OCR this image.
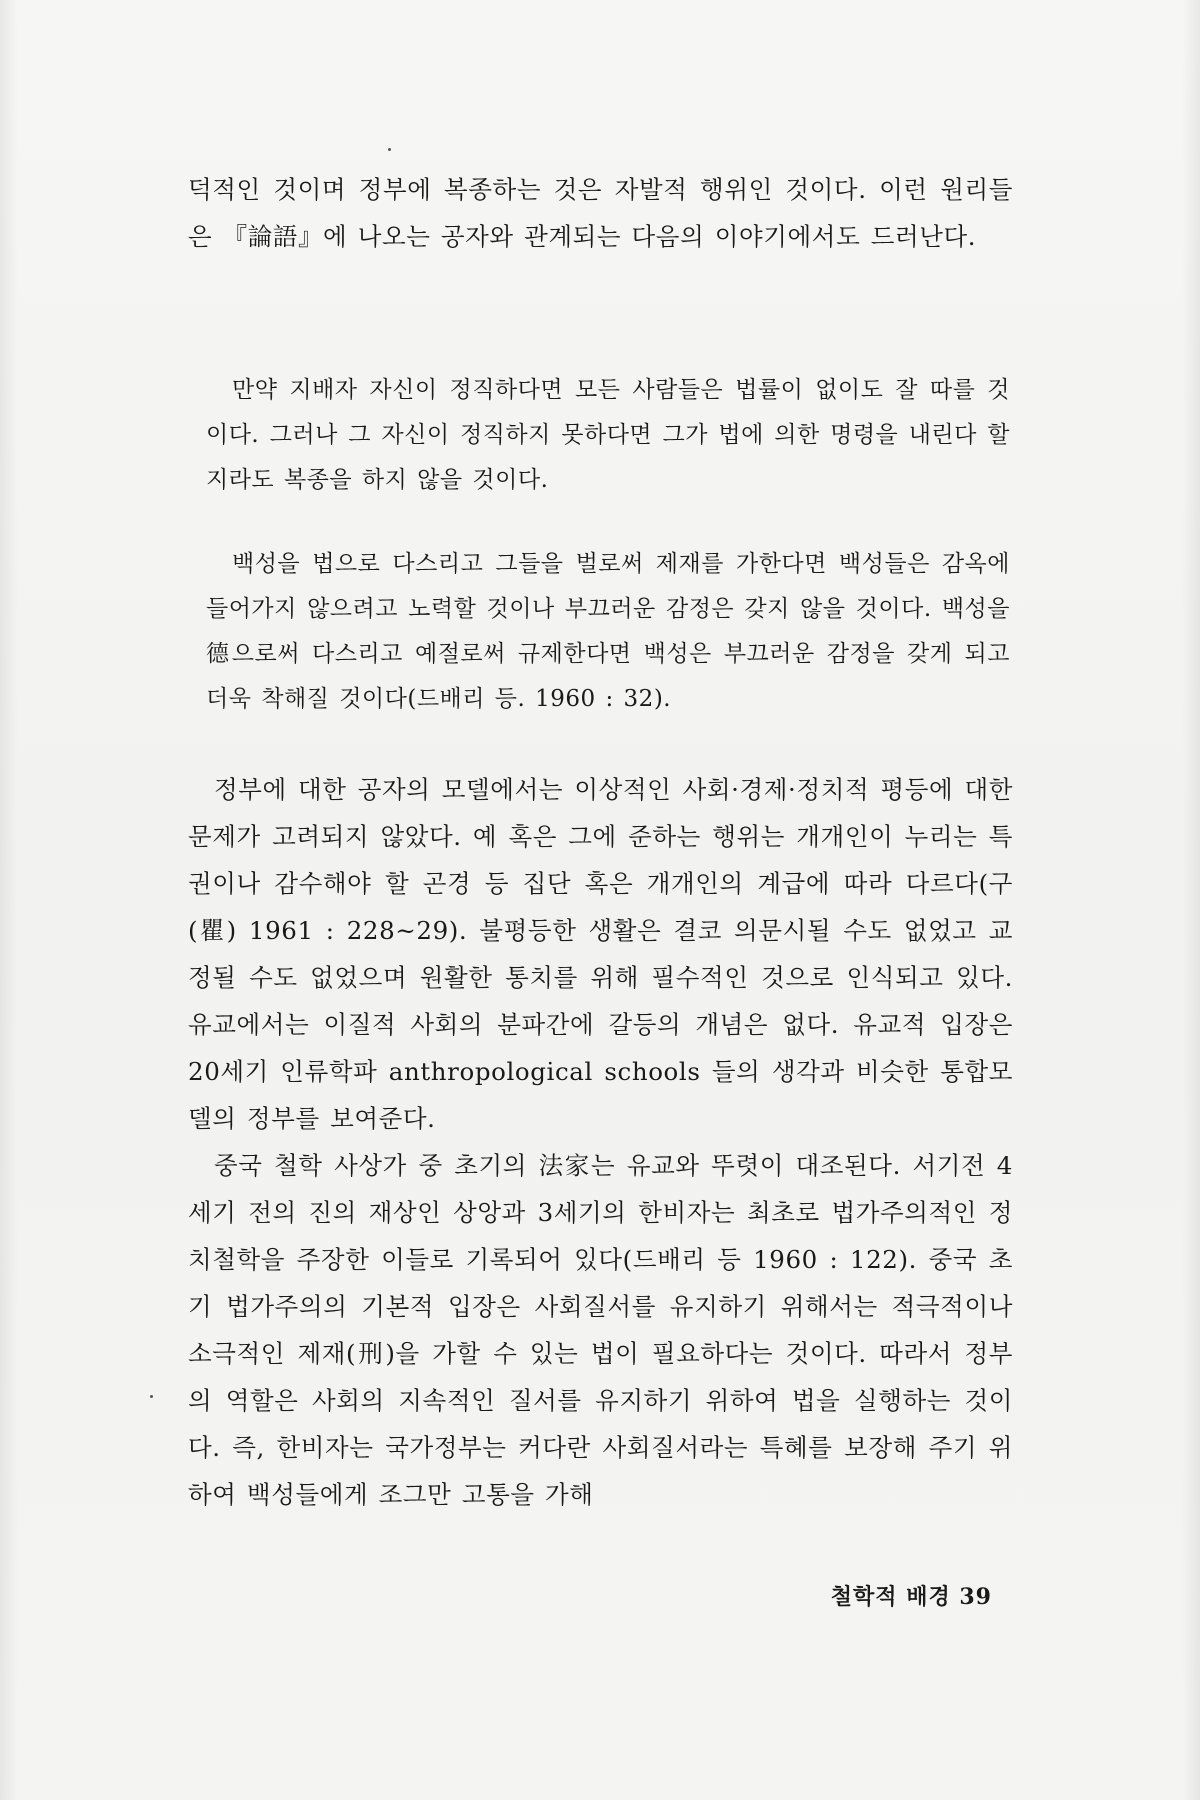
덕적인 것이며 정부에 복종하는 것은 자발적 행위인 것이다. 이런 원리들은 『論語』에 나오는 공자와 관계되는 다음의 이야기에서도 드러난다.

만약 지배자 자신이 정직하다면 모든 사람들은 법률이 없이도 잘 따를 것이다. 그러나 그 자신이 정직하지 못하다면 그가 법에 의한 명령을 내린다 할지라도 복종을 하지 않을 것이다.

백성을 법으로 다스리고 그들을 벌로써 제재를 가한다면 백성들은 감옥에 들어가지 않으려고 노력할 것이나 부끄러운 감정은 갖지 않을 것이다. 백성을 德으로써 다스리고 예절로써 규제한다면 백성은 부끄러운 감정을 갖게 되고 더욱 착해질 것이다(드배리 등. 1960 : 32).

정부에 대한 공자의 모델에서는 이상적인 사회·경제·정치적 평등에 대한 문제가 고려되지 않았다. 예 혹은 그에 준하는 행위는 개개인이 누리는 특권이나 감수해야 할 곤경 등 집단 혹은 개개인의 계급에 따라 다르다(구(瞿) 1961 : 228~29). 불평등한 생활은 결코 의문시될 수도 없었고 교정될 수도 없었으며 원활한 통치를 위해 필수적인 것으로 인식되고 있다. 유교에서는 이질적 사회의 분파간에 갈등의 개념은 없다. 유교적 입장은 20세기 인류학파 anthropological schools 들의 생각과 비슷한 통합모델의 정부를 보여준다.

중국 철학 사상가 중 초기의 法家는 유교와 뚜렷이 대조된다. 서기전 4세기 전의 진의 재상인 상앙과 3세기의 한비자는 최초로 법가주의적인 정치철학을 주장한 이들로 기록되어 있다(드배리 등 1960 : 122). 중국 초기 법가주의의 기본적 입장은 사회질서를 유지하기 위해서는 적극적이나 소극적인 제재(刑)을 가할 수 있는 법이 필요하다는 것이다. 따라서 정부의 역할은 사회의 지속적인 질서를 유지하기 위하여 법을 실행하는 것이다. 즉, 한비자는 국가정부는 커다란 사회질서라는 특혜를 보장해 주기 위하여 백성들에게 조그만 고통을 가해

철학적 배경 39
